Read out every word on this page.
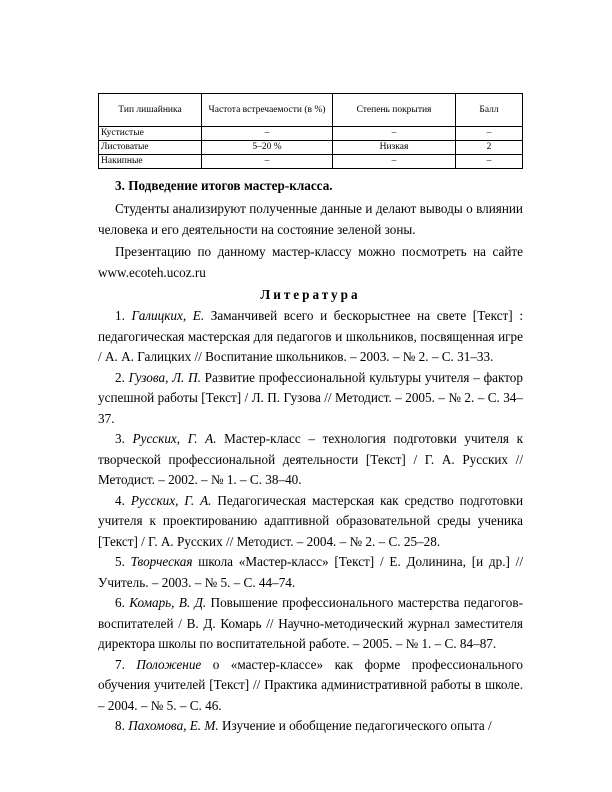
Тип лишайника	Частота встречаемости (в %)	Степень покрытия	Балл
Кустистые	–	–	–
Листоватые	5–20 %	Низкая	2
Накипные	–	–	–
3. Подведение итогов мастер-класса.
Студенты анализируют полученные данные и делают выводы о влиянии человека и его деятельности на состояние зеленой зоны.
Презентацию по данному мастер-классу можно посмотреть на сайте www.ecoteh.ucoz.ru
Литература
1. Галицких, Е. Заманчивей всего и бескорыстнее на свете [Текст] : педагогическая мастерская для педагогов и школьников, посвященная игре / А. А. Галицких // Воспитание школьников. – 2003. – № 2. – С. 31–33.
2. Гузова, Л. П. Развитие профессиональной культуры учителя – фактор успешной работы [Текст] / Л. П. Гузова // Методист. – 2005. – № 2. – С. 34–37.
3. Русских, Г. А. Мастер-класс – технология подготовки учителя к творческой профессиональной деятельности [Текст] / Г. А. Русских // Методист. – 2002. – № 1. – С. 38–40.
4. Русских, Г. А. Педагогическая мастерская как средство подготовки учителя к проектированию адаптивной образовательной среды ученика [Текст] / Г. А. Русских // Методист. – 2004. – № 2. – С. 25–28.
5. Творческая школа «Мастер-класс» [Текст] / Е. Долинина, [и др.] // Учитель. – 2003. – № 5. – С. 44–74.
6. Комарь, В. Д. Повышение профессионального мастерства педагогов-воспитателей / В. Д. Комарь // Научно-методический журнал заместителя директора школы по воспитательной работе. – 2005. – № 1. – С. 84–87.
7. Положение о «мастер-классе» как форме профессионального обучения учителей [Текст] // Практика административной работы в школе. – 2004. – № 5. – С. 46.
8. Пахомова, Е. М. Изучение и обобщение педагогического опыта /
